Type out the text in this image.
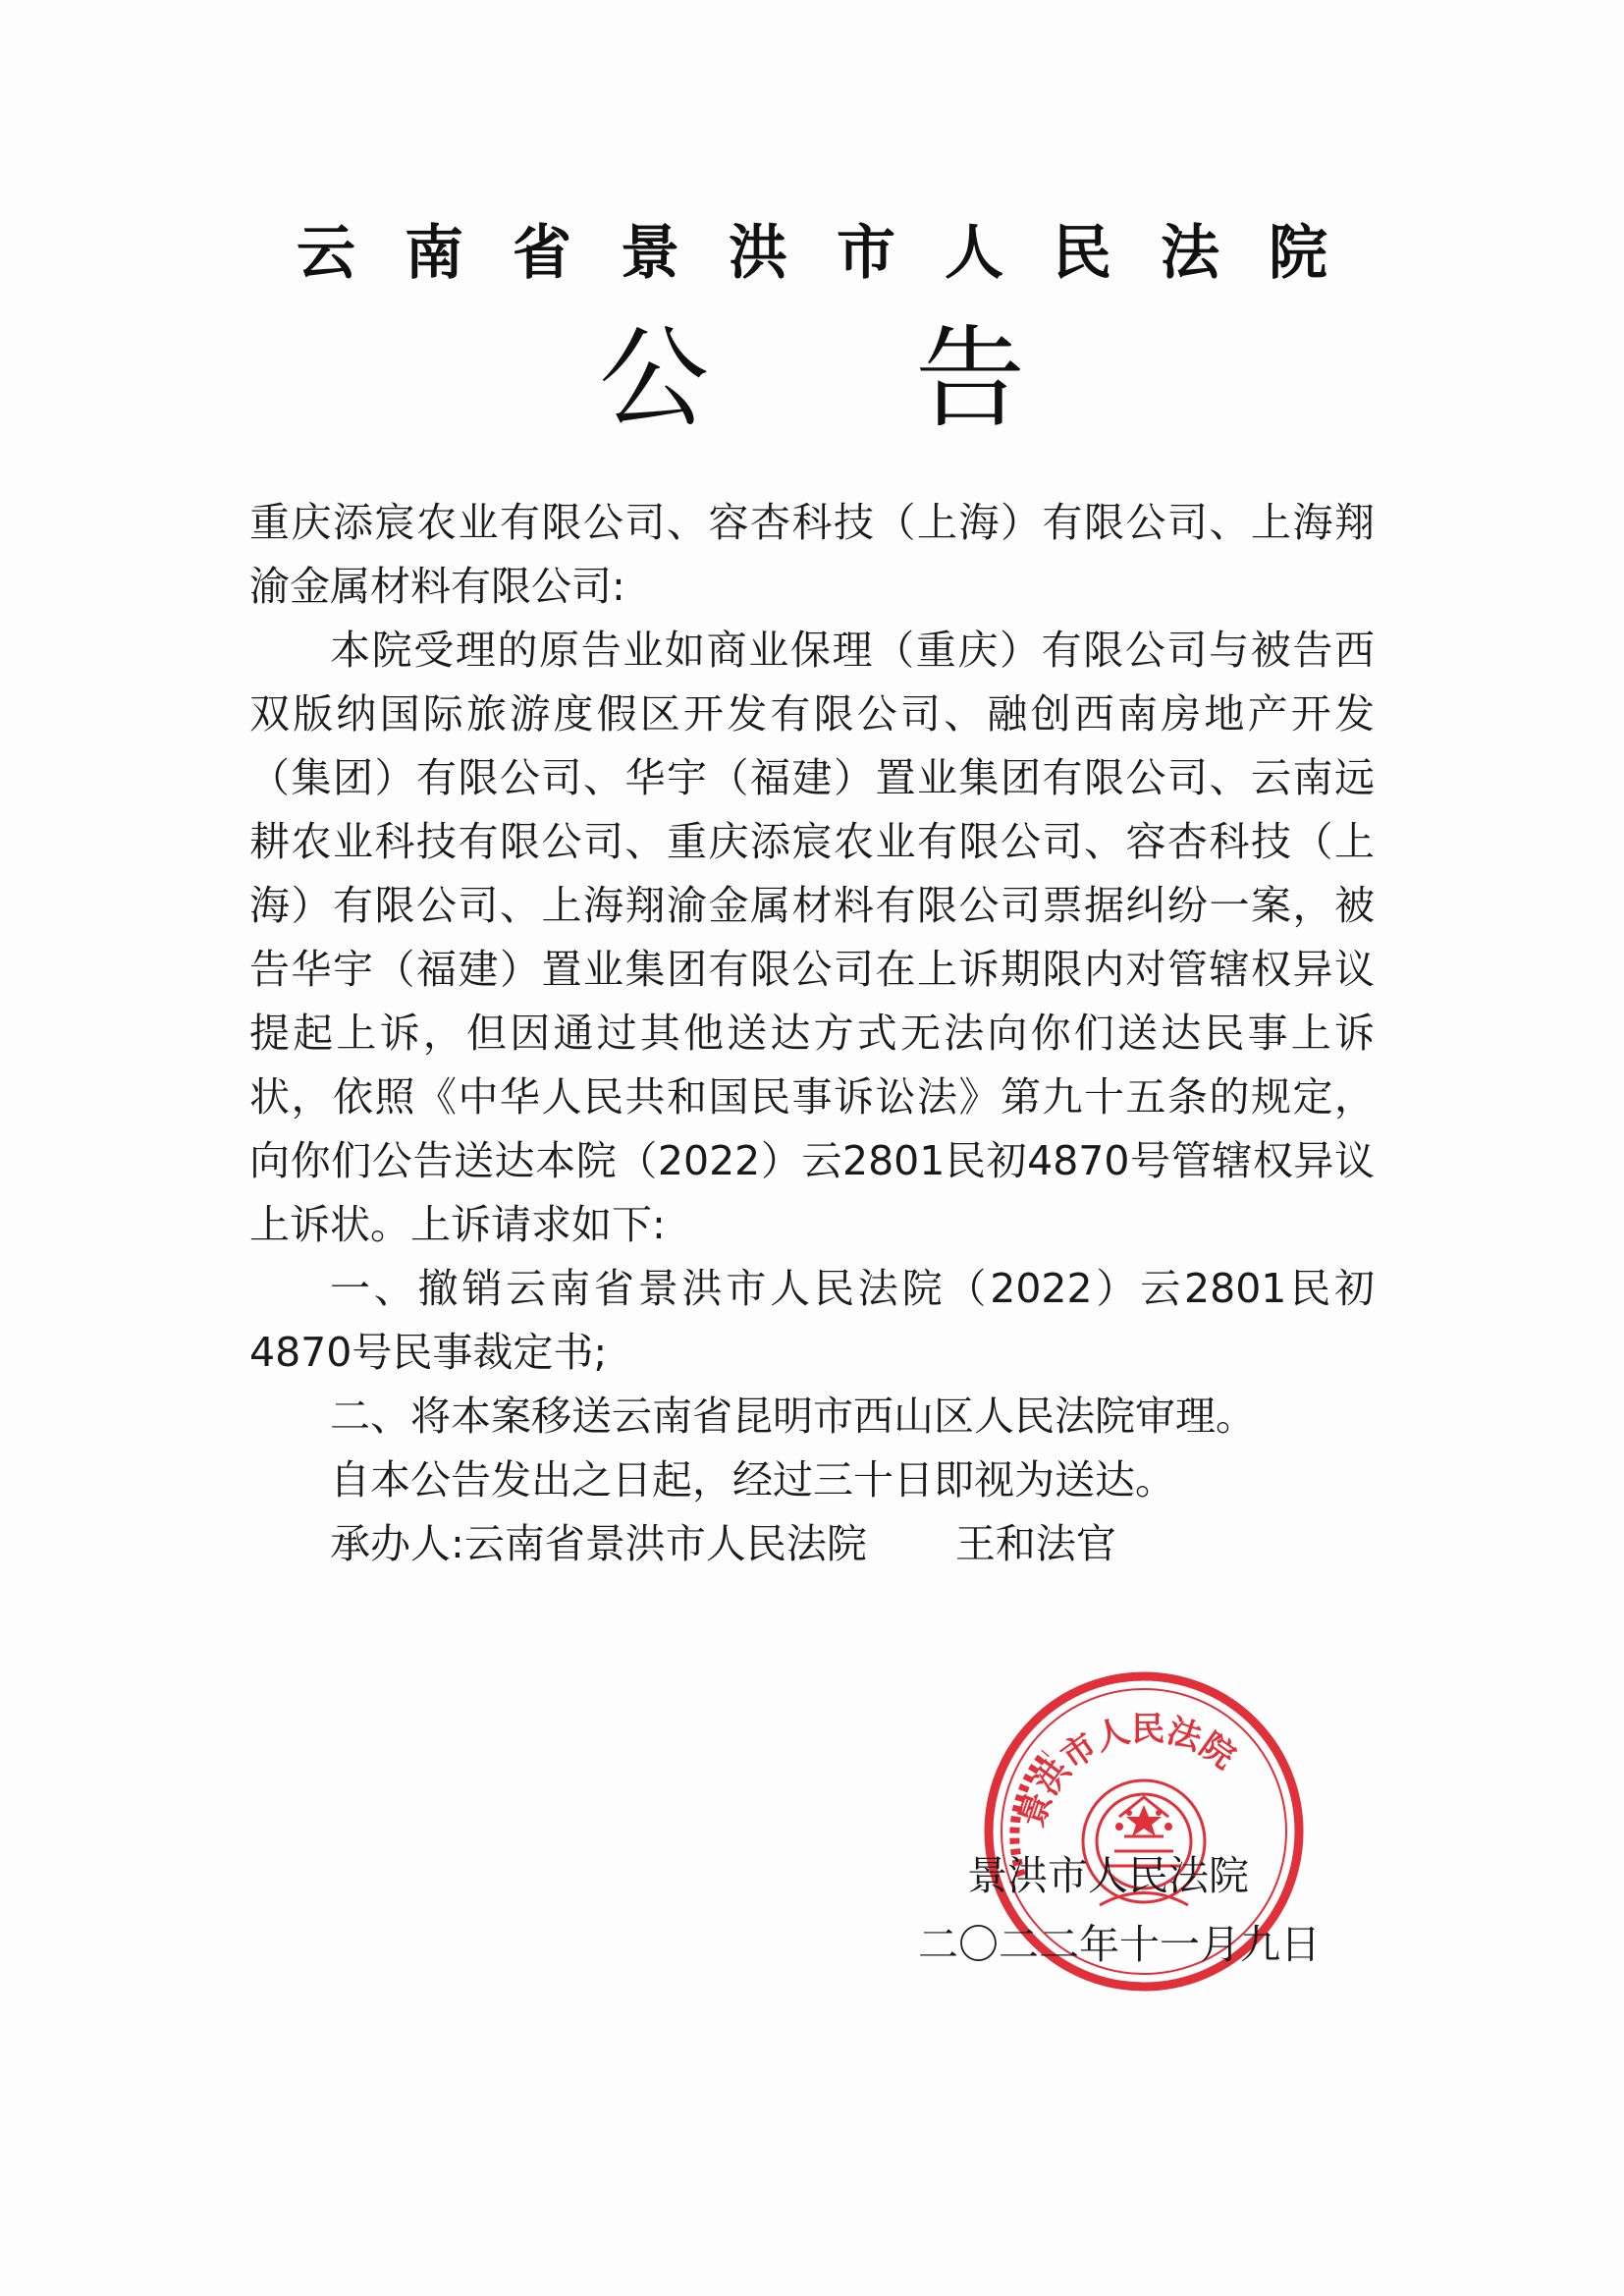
云南省景洪市人民法院
公告

重庆添宸农业有限公司、容杏科技（上海）有限公司、上海翔渝金属材料有限公司:

本院受理的原告业如商业保理（重庆）有限公司与被告西双版纳国际旅游度假区开发有限公司、融创西南房地产开发（集团）有限公司、华宇（福建）置业集团有限公司、云南远耕农业科技有限公司、重庆添宸农业有限公司、容杏科技（上海）有限公司、上海翔渝金属材料有限公司票据纠纷一案，被告华宇（福建）置业集团有限公司在上诉期限内对管辖权异议提起上诉，但因通过其他送达方式无法向你们送达民事上诉状，依照《中华人民共和国民事诉讼法》第九十五条的规定，向你们公告送达本院（2022）云2801民初4870号管辖权异议上诉状。上诉请求如下:

一、撤销云南省景洪市人民法院（2022）云2801民初4870号民事裁定书;

二、将本案移送云南省昆明市西山区人民法院审理。

自本公告发出之日起，经过三十日即视为送达。

承办人:云南省景洪市人民法院 王和法官

景洪市人民法院
景洪市人民法院
二〇二二年十一月九日
